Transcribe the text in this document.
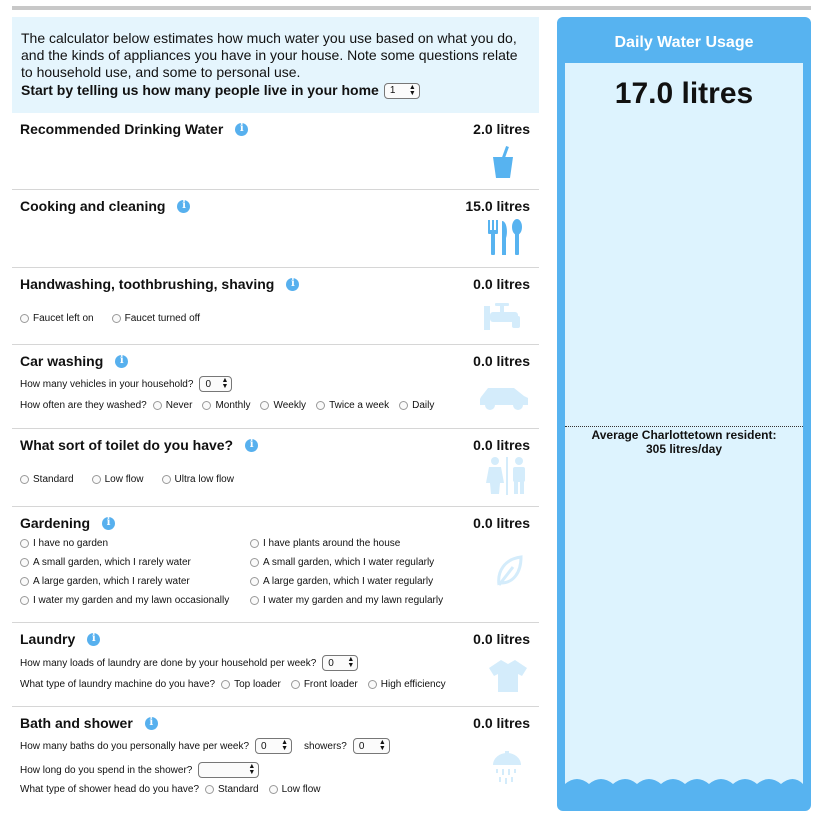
The calculator below estimates how much water you use based on what you do, and the kinds of appliances you have in your house. Note some questions relate to household use, and some to personal use.

Start by telling us how many people live in your home 1 ▲
▼
Recommended Drinking Water	i	2.0 litres
Cooking and cleaning	i	15.0 litres
Handwashing, toothbrushing, shaving	i	0.0 litres
Faucet left on	Faucet turned off
Car washing	i	0.0 litres
How many vehicles in your household? 0 ▲
▼
How often are they washed? Never Monthly Weekly Twice a week Daily
What sort of toilet do you have?	i	0.0 litres
Standard	Low flow	Ultra low flow
Gardening	i	0.0 litres
I have no garden
A small garden, which I rarely water
A large garden, which I rarely water
I water my garden and my lawn occasionally
I have plants around the house
A small garden, which I water regularly
A large garden, which I water regularly
I water my garden and my lawn regularly
Laundry	i	0.0 litres
How many loads of laundry are done by your household per week? 0 ▲
▼
What type of laundry machine do you have? Top loader Front loader High efficiency
Bath and shower	i	0.0 litres
How many baths do you personally have per week? 0 ▲
▼ showers? 0 ▲
▼
How long do you spend in the shower?	▲
▼
What type of shower head do you have? Standard Low flow
Daily Water Usage
17.0 litres
Average Charlottetown resident:
305 litres/day
